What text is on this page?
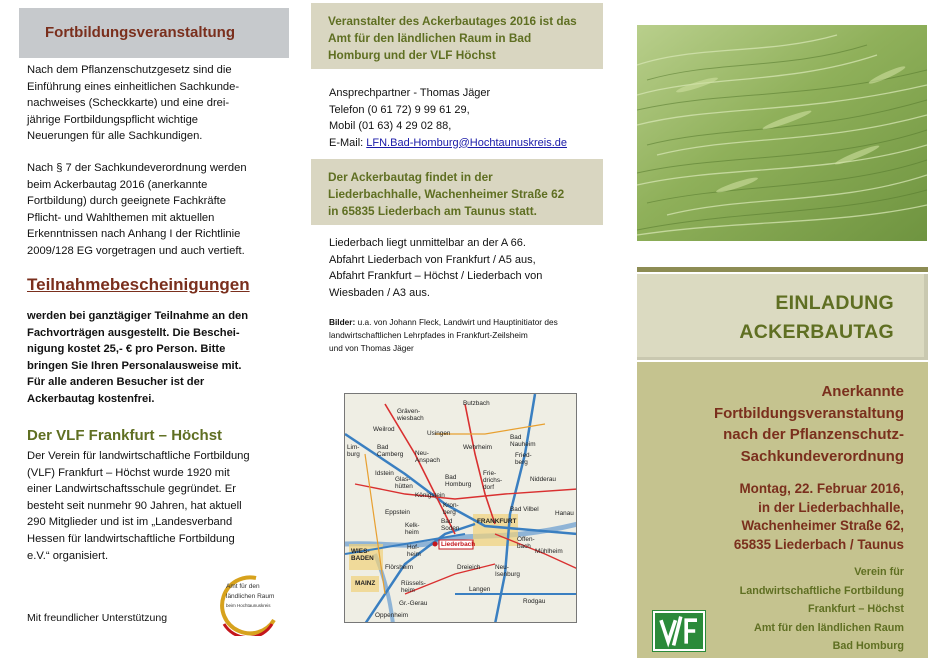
Fortbildungsveranstaltung
Nach dem Pflanzenschutzgesetz sind die
Einführung eines einheitlichen Sachkunde-
nachweises (Scheckkarte) und eine drei-
jährige Fortbildungspflicht wichtige
Neuerungen für alle Sachkundigen.
Nach § 7 der Sachkundeverordnung werden
beim Ackerbautag 2016 (anerkannte
Fortbildung) durch geeignete Fachkräfte
Pflicht- und Wahlthemen mit aktuellen
Erkenntnissen nach Anhang I der Richtlinie
2009/128 EG vorgetragen und auch vertieft.
Teilnahmebescheinigungen
werden bei ganztägiger Teilnahme an den
Fachvorträgen ausgestellt. Die Beschei-
nigung kostet 25,- € pro Person. Bitte
bringen Sie Ihren Personalausweise mit.
Für alle anderen Besucher ist der
Ackerbautag kostenfrei.
Der VLF Frankfurt – Höchst
Der Verein für landwirtschaftliche Fortbildung
(VLF) Frankfurt – Höchst wurde 1920 mit
einer Landwirtschaftsschule gegründet. Er
besteht seit nunmehr 90 Jahren, hat aktuell
290 Mitglieder und ist im „Landesverband
Hessen für landwirtschaftliche Fortbildung
e.V.“ organisiert.
Mit freundlicher Unterstützung
Amt für den
ländlichen Raum
beim Hochtaunuskreis
Veranstalter des Ackerbautages 2016 ist das
Amt für den ländlichen Raum in Bad
Homburg und der VLF Höchst
Ansprechpartner - Thomas Jäger
Telefon (0 61 72) 9 99 61 29,
Mobil (01 63) 4 29 02 88,
E-Mail: LFN.Bad-Homburg@Hochtaunuskreis.de
Der Ackerbautag findet in der
Liederbachhalle, Wachenheimer Straße 62
in 65835 Liederbach am Taunus statt.
Liederbach liegt unmittelbar an der A 66.
Abfahrt Liederbach von Frankfurt / A5 aus,
Abfahrt Frankfurt – Höchst / Liederbach von
Wiesbaden / A3 aus.
Bilder: u.a. von Johann Fleck, Landwirt und Hauptinitiator des
landwirtschaftlichen Lehrpfades in Frankfurt-Zeilsheim
und von Thomas Jäger
Butzbach
Gräven-wiesbach
Weilrod
Usingen
Bad Nauheim
Lim-burg
Bad Camberg Neu-Anspach
Wehrheim
Fried-berg
Idstein
Glas-hütten
Bad Homburg
Königstein
Frie-drichs-dorf
Nidderau
Eppstein
Kron-berg	Hanau
Kelk-heim
Bad Soden
FRANKFURT
Bad Vilbel
Liederbach
Hof-heim
Offen-bach
WIES-BADEN
Flörsheim
Mühlheim
MAINZ	Rüssels-heim
Neu-Isenburg
Langen
Rodgau
Gr.-Gerau
Dreieich
Oppenheim
EINLADUNG
ACKERBAUTAG
Anerkannte
Fortbildungsveranstaltung
nach der Pflanzenschutz-
Sachkundeverordnung
Montag, 22. Februar 2016,
in der Liederbachhalle,
Wachenheimer Straße 62,
65835 Liederbach / Taunus
Verein für
Landwirtschaftliche Fortbildung
Frankfurt – Höchst
Amt für den ländlichen Raum
Bad Homburg
